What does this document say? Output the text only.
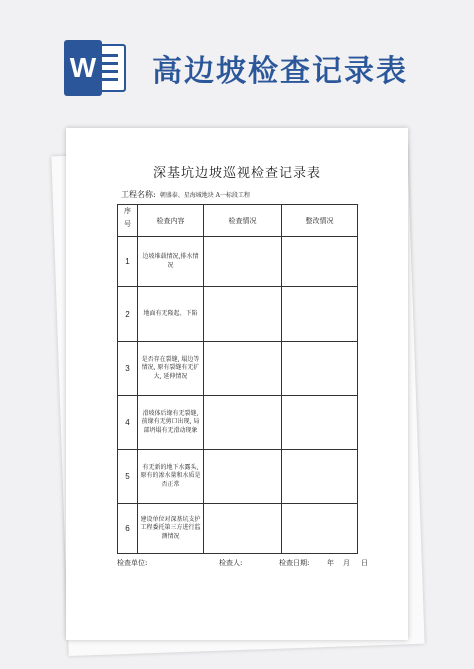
W 高边坡检查记录表
深基坑边坡巡视检查记录表
工程名称: 朝盛泰、星海城地块 A一标段工程
序号	检查内容	检查情况	整改情况
1	边坡堆载情况,排水情况		
2	地面有无隆起、下陷		
3	是否存在裂缝, 塌边等情况, 原有裂缝有无扩大, 延伸情况		
4	滑坡体后缘有无裂缝, 前缘有无剪口出现, 局部坍塌有无滑动现象		
5	有无新的地下水露头, 原有的渗水量和水质是否正常		
6	建设单位对深基坑支护工程委托第三方进行监测情况		
检查单位:	检查人:	检查日期:	年 月 日
